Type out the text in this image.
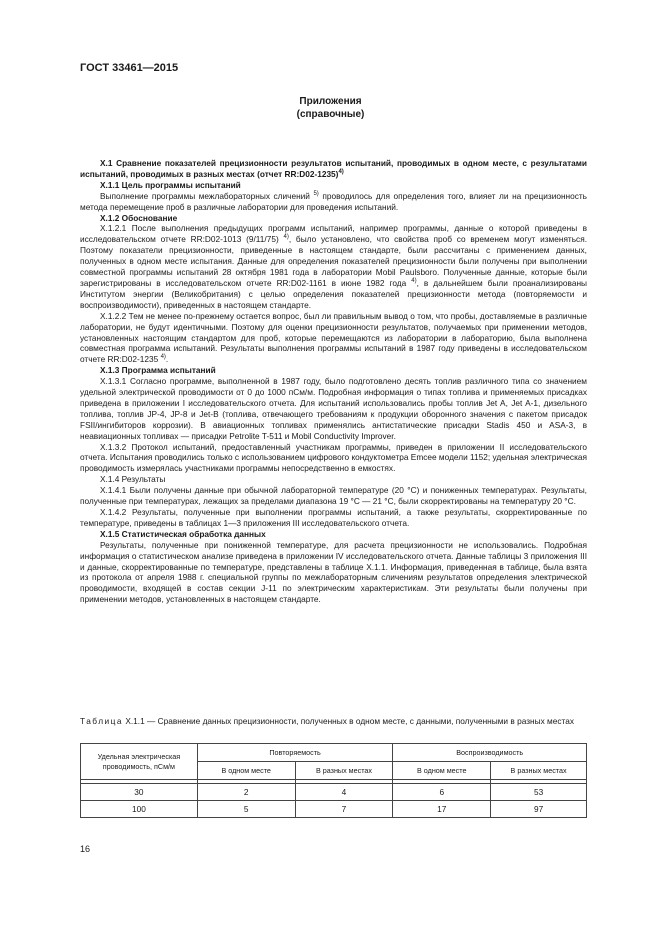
ГОСТ 33461—2015
Приложения
(справочные)

X.1 Сравнение показателей прецизионности результатов испытаний, проводимых в одном месте, с результатами испытаний, проводимых в разных местах (отчет RR:D02-1235)$^{4)}$

X.1.1 Цель программы испытаний

Выполнение программы межлабораторных сличений $^{5)}$ проводилось для определения того, влияет ли на прецизионность метода перемещение проб в различные лаборатории для проведения испытаний.

X.1.2 Обоснование

X.1.2.1 После выполнения предыдущих программ испытаний, например программы, данные о которой приведены в исследовательском отчете RR:D02-1013 (9/11/75) $^{4)}$, было установлено, что свойства проб со временем могут изменяться. Поэтому показатели прецизионности, приведенные в настоящем стандарте, были рассчитаны с применением данных, полученных в одном месте испытания. Данные для определения показателей прецизионности были получены при выполнении совместной программы испытаний 28 октября 1981 года в лаборатории Mobil Paulsboro. Полученные данные, которые были зарегистрированы в исследовательском отчете RR:D02-1161 в июне 1982 года $^{4)}$, в дальнейшем были проанализированы Институтом энергии (Великобритания) с целью определения показателей прецизионности метода (повторяемости и воспроизводимости), приведенных в настоящем стандарте.

X.1.2.2 Тем не менее по-прежнему остается вопрос, был ли правильным вывод о том, что пробы, доставляемые в различные лаборатории, не будут идентичными. Поэтому для оценки прецизионности результатов, получаемых при применении методов, установленных настоящим стандартом для проб, которые перемещаются из лаборатории в лабораторию, была выполнена совместная программа испытаний. Результаты выполнения программы испытаний в 1987 году приведены в исследовательском отчете RR:D02-1235 $^{4)}$.

X.1.3 Программа испытаний

X.1.3.1 Согласно программе, выполненной в 1987 году, было подготовлено десять топлив различного типа со значением удельной электрической проводимости от 0 до 1000 пСм/м. Подробная информация о типах топлива и применяемых присадках приведена в приложении I исследовательского отчета. Для испытаний использовались пробы топлив Jet A, Jet A-1, дизельного топлива, топлив JP-4, JP-8 и Jet-B (топлива, отвечающего требованиям к продукции оборонного значения с пакетом присадок FSII/ингибиторов коррозии). В авиационных топливах применялись антистатические присадки Stadis 450 и ASA-3, в неавиационных топливах — присадки Petrolite T-511 и Mobil Conductivity Improver.

X.1.3.2 Протокол испытаний, предоставленный участникам программы, приведен в приложении II исследовательского отчета. Испытания проводились только с использованием цифрового кондуктометра Emcee модели 1152; удельная электрическая проводимость измерялась участниками программы непосредственно в емкостях.

X.1.4 Результаты

X.1.4.1 Были получены данные при обычной лабораторной температуре (20 °С) и пониженных температурах. Результаты, полученные при температурах, лежащих за пределами диапазона 19 °С — 21 °С, были скорректированы на температуру 20 °С.

X.1.4.2 Результаты, полученные при выполнении программы испытаний, а также результаты, скорректированные по температуре, приведены в таблицах 1—3 приложения III исследовательского отчета.

X.1.5 Статистическая обработка данных

Результаты, полученные при пониженной температуре, для расчета прецизионности не использовались. Подробная информация о статистическом анализе приведена в приложении IV исследовательского отчета. Данные таблицы 3 приложения III и данные, скорректированные по температуре, представлены в таблице X.1.1. Информация, приведенная в таблице, была взята из протокола от апреля 1988 г. специальной группы по межлабораторным сличениям результатов определения электрической проводимости, входящей в состав секции J-11 по электрическим характеристикам. Эти результаты были получены при применении методов, установленных в настоящем стандарте.

Таблица X.1.1 — Сравнение данных прецизионности, полученных в одном месте, с данными, полученными в разных местах
Удельная электрическая проводимость, пСм/м	Повторяемость		Воспроизводимость	
	В одном месте	В разных местах	В одном месте	В разных местах

30	2	4	6	53
100	5	7	17	97
16
